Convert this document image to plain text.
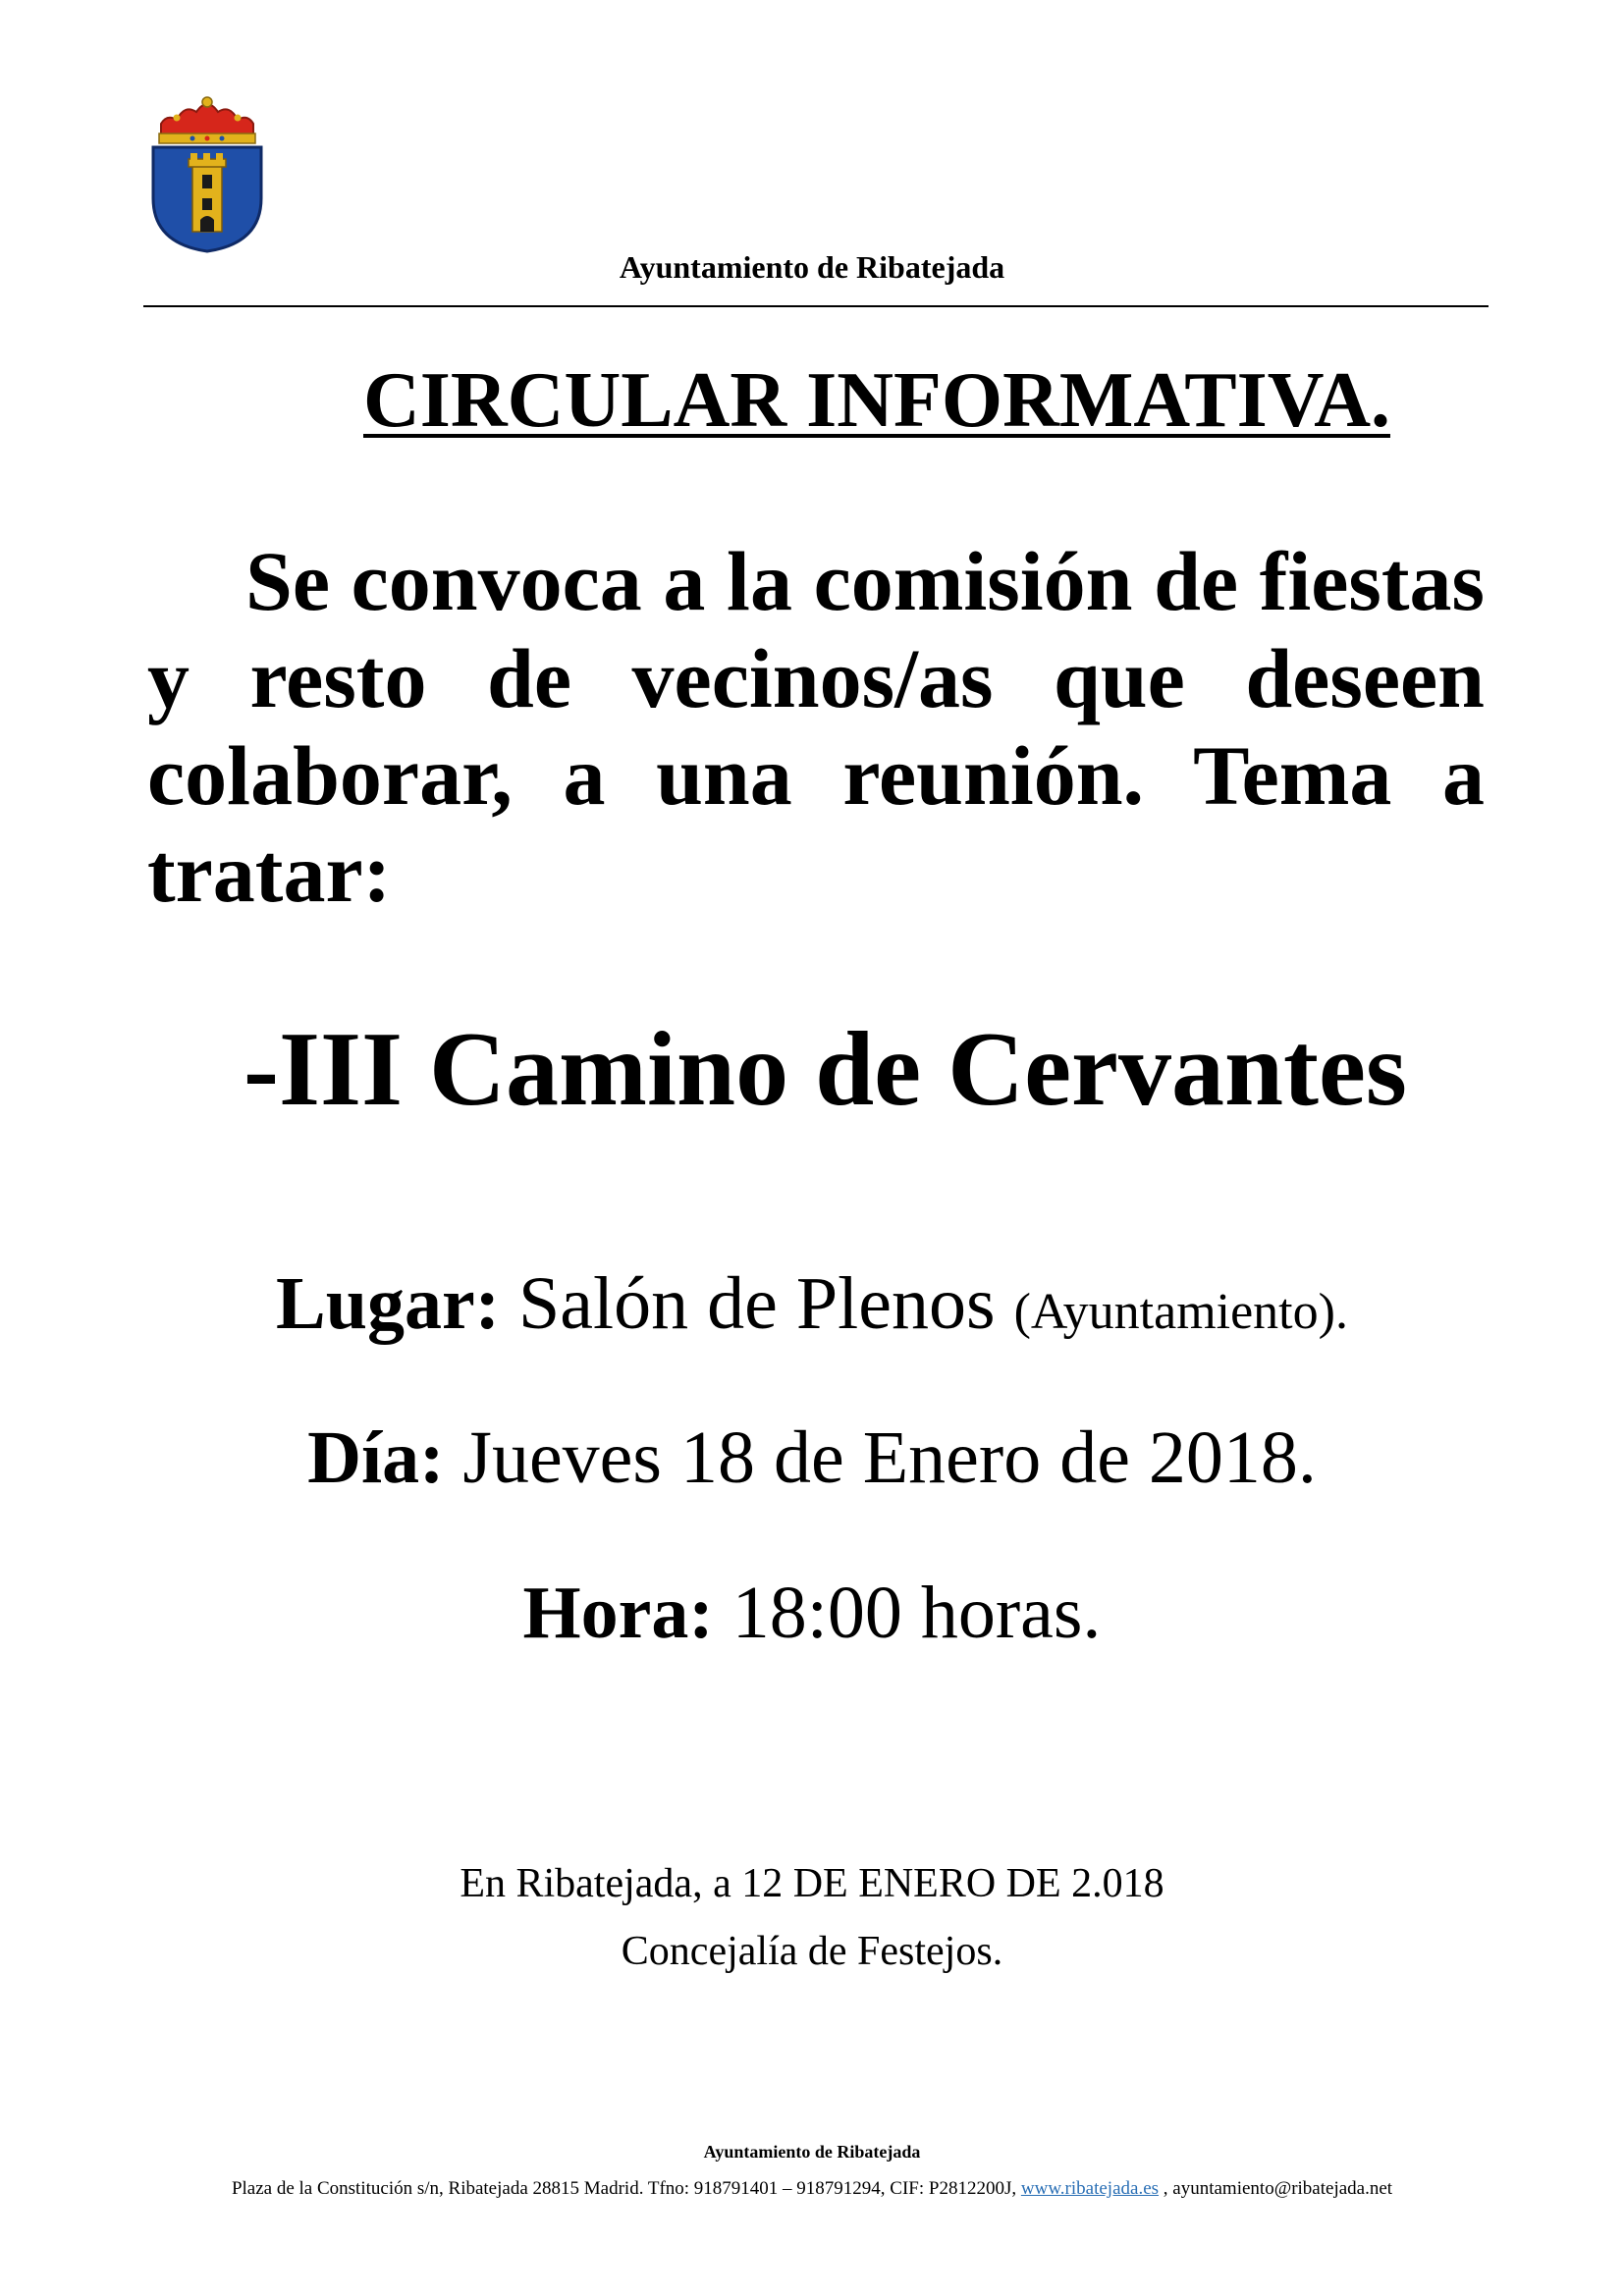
Ayuntamiento de Ribatejada
CIRCULAR INFORMATIVA.

Se convoca a la comisión de fiestas y resto de vecinos/as que deseen colaborar, a una reunión. Tema a tratar:

-III Camino de Cervantes
Lugar: Salón de Plenos (Ayuntamiento).
Día: Jueves 18 de Enero de 2018.
Hora: 18:00 horas.
En Ribatejada, a 12 DE ENERO DE 2.018
Concejalía de Festejos.
Ayuntamiento de Ribatejada
Plaza de la Constitución s/n, Ribatejada 28815 Madrid. Tfno: 918791401 – 918791294, CIF: P2812200J, www.ribatejada.es , ayuntamiento@ribatejada.net
